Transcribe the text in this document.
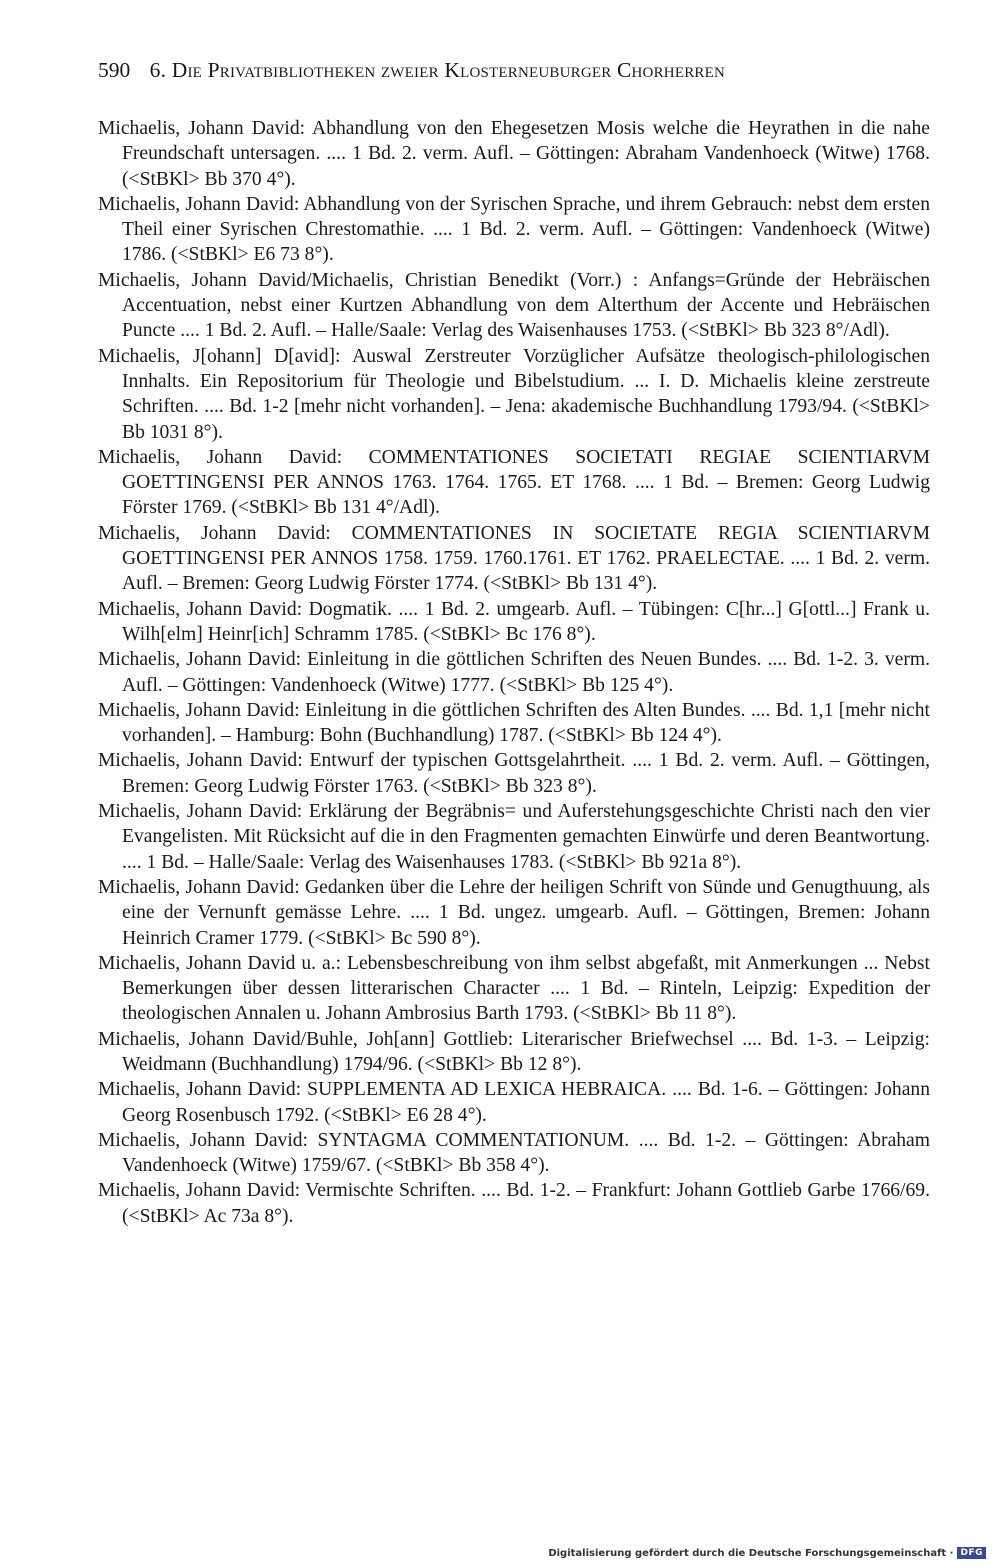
590 6. Die Privatbibliotheken zweier Klosterneuburger Chorherren
Michaelis, Johann David: Abhandlung von den Ehegesetzen Mosis welche die Heyrathen in die nahe Freundschaft untersagen. .... 1 Bd. 2. verm. Aufl. – Göttingen: Abraham Vandenhoeck (Witwe) 1768. (<StBKl> Bb 370 4°).
Michaelis, Johann David: Abhandlung von der Syrischen Sprache, und ihrem Gebrauch: nebst dem ersten Theil einer Syrischen Chrestomathie. .... 1 Bd. 2. verm. Aufl. – Göttingen: Vandenhoeck (Witwe) 1786. (<StBKl> E6 73 8°).
Michaelis, Johann David/Michaelis, Christian Benedikt (Vorr.) : Anfangs=Gründe der Hebräischen Accentuation, nebst einer Kurtzen Abhandlung von dem Alterthum der Accente und Hebräischen Puncte .... 1 Bd. 2. Aufl. – Halle/Saale: Verlag des Waisenhauses 1753. (<StBKl> Bb 323 8°/Adl).
Michaelis, J[ohann] D[avid]: Auswal Zerstreuter Vorzüglicher Aufsätze theologisch-philologischen Innhalts. Ein Repositorium für Theologie und Bibelstudium. ... I. D. Michaelis kleine zerstreute Schriften. .... Bd. 1-2 [mehr nicht vorhanden]. – Jena: akademische Buchhandlung 1793/94. (<StBKl> Bb 1031 8°).
Michaelis, Johann David: COMMENTATIONES SOCIETATI REGIAE SCIENTIARVM GOETTINGENSI PER ANNOS 1763. 1764. 1765. ET 1768. .... 1 Bd. – Bremen: Georg Ludwig Förster 1769. (<StBKl> Bb 131 4°/Adl).
Michaelis, Johann David: COMMENTATIONES IN SOCIETATE REGIA SCIENTIARVM GOETTINGENSI PER ANNOS 1758. 1759. 1760.1761. ET 1762. PRAELECTAE. .... 1 Bd. 2. verm. Aufl. – Bremen: Georg Ludwig Förster 1774. (<StBKl> Bb 131 4°).
Michaelis, Johann David: Dogmatik. .... 1 Bd. 2. umgearb. Aufl. – Tübingen: C[hr...] G[ottl...] Frank u. Wilh[elm] Heinr[ich] Schramm 1785. (<StBKl> Bc 176 8°).
Michaelis, Johann David: Einleitung in die göttlichen Schriften des Neuen Bundes. .... Bd. 1-2. 3. verm. Aufl. – Göttingen: Vandenhoeck (Witwe) 1777. (<StBKl> Bb 125 4°).
Michaelis, Johann David: Einleitung in die göttlichen Schriften des Alten Bundes. .... Bd. 1,1 [mehr nicht vorhanden]. – Hamburg: Bohn (Buchhandlung) 1787. (<StBKl> Bb 124 4°).
Michaelis, Johann David: Entwurf der typischen Gottsgelahrtheit. .... 1 Bd. 2. verm. Aufl. – Göttingen, Bremen: Georg Ludwig Förster 1763. (<StBKl> Bb 323 8°).
Michaelis, Johann David: Erklärung der Begräbnis= und Auferstehungsgeschichte Christi nach den vier Evangelisten. Mit Rücksicht auf die in den Fragmenten gemachten Einwürfe und deren Beantwortung. .... 1 Bd. – Halle/Saale: Verlag des Waisenhauses 1783. (<StBKl> Bb 921a 8°).
Michaelis, Johann David: Gedanken über die Lehre der heiligen Schrift von Sünde und Genugthuung, als eine der Vernunft gemässe Lehre. .... 1 Bd. ungez. umgearb. Aufl. – Göttingen, Bremen: Johann Heinrich Cramer 1779. (<StBKl> Bc 590 8°).
Michaelis, Johann David u. a.: Lebensbeschreibung von ihm selbst abgefaßt, mit Anmerkungen ... Nebst Bemerkungen über dessen litterarischen Character .... 1 Bd. – Rinteln, Leipzig: Expedition der theologischen Annalen u. Johann Ambrosius Barth 1793. (<StBKl> Bb 11 8°).
Michaelis, Johann David/Buhle, Joh[ann] Gottlieb: Literarischer Briefwechsel .... Bd. 1-3. – Leipzig: Weidmann (Buchhandlung) 1794/96. (<StBKl> Bb 12 8°).
Michaelis, Johann David: SUPPLEMENTA AD LEXICA HEBRAICA. .... Bd. 1-6. – Göttingen: Johann Georg Rosenbusch 1792. (<StBKl> E6 28 4°).
Michaelis, Johann David: SYNTAGMA COMMENTATIONUM. .... Bd. 1-2. – Göttingen: Abraham Vandenhoeck (Witwe) 1759/67. (<StBKl> Bb 358 4°).
Michaelis, Johann David: Vermischte Schriften. .... Bd. 1-2. – Frankfurt: Johann Gottlieb Garbe 1766/69. (<StBKl> Ac 73a 8°).
Digitalisierung gefördert durch die Deutsche Forschungsgemeinschaft · DFG
